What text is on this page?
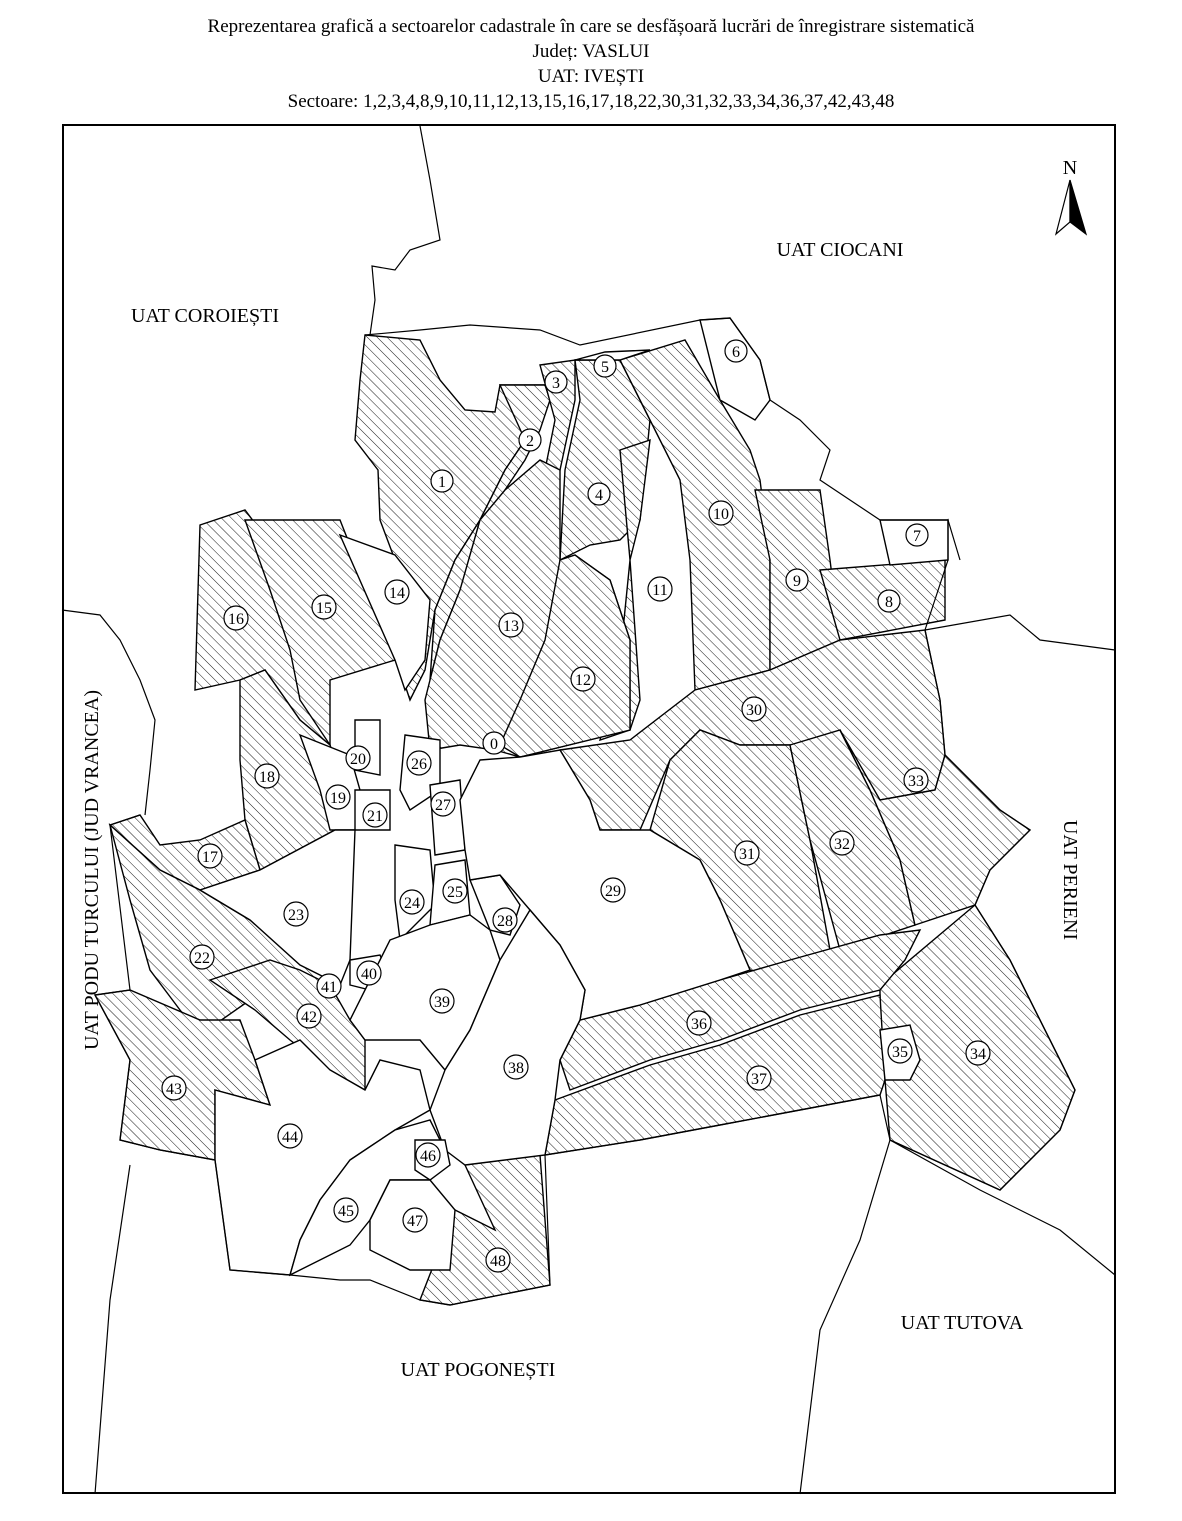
Reprezentarea grafică a sectoarelor cadastrale în care se desfășoară lucrări de înregistrare sistematică
Județ: VASLUI
UAT: IVEȘTI
Sectoare: 1,2,3,4,8,9,10,11,12,13,15,16,17,18,22,30,31,32,33,34,36,37,42,43,48
UAT CIOCANI
UAT COROIEȘTI
UAT PODU TURCULUI (JUD VRANCEA)	UAT PERIENI
UAT TUTOVA
UAT POGONEȘTI
N
0
1
2
3
4
5
6
7
8
9
10
11
12
13
14
15
16
17
18
19
20
21
22
23
24
25
26
27
28
29
30
31
32
33
34
35
36
37
38
39
40
41
42
43
44
45
46
47
48
